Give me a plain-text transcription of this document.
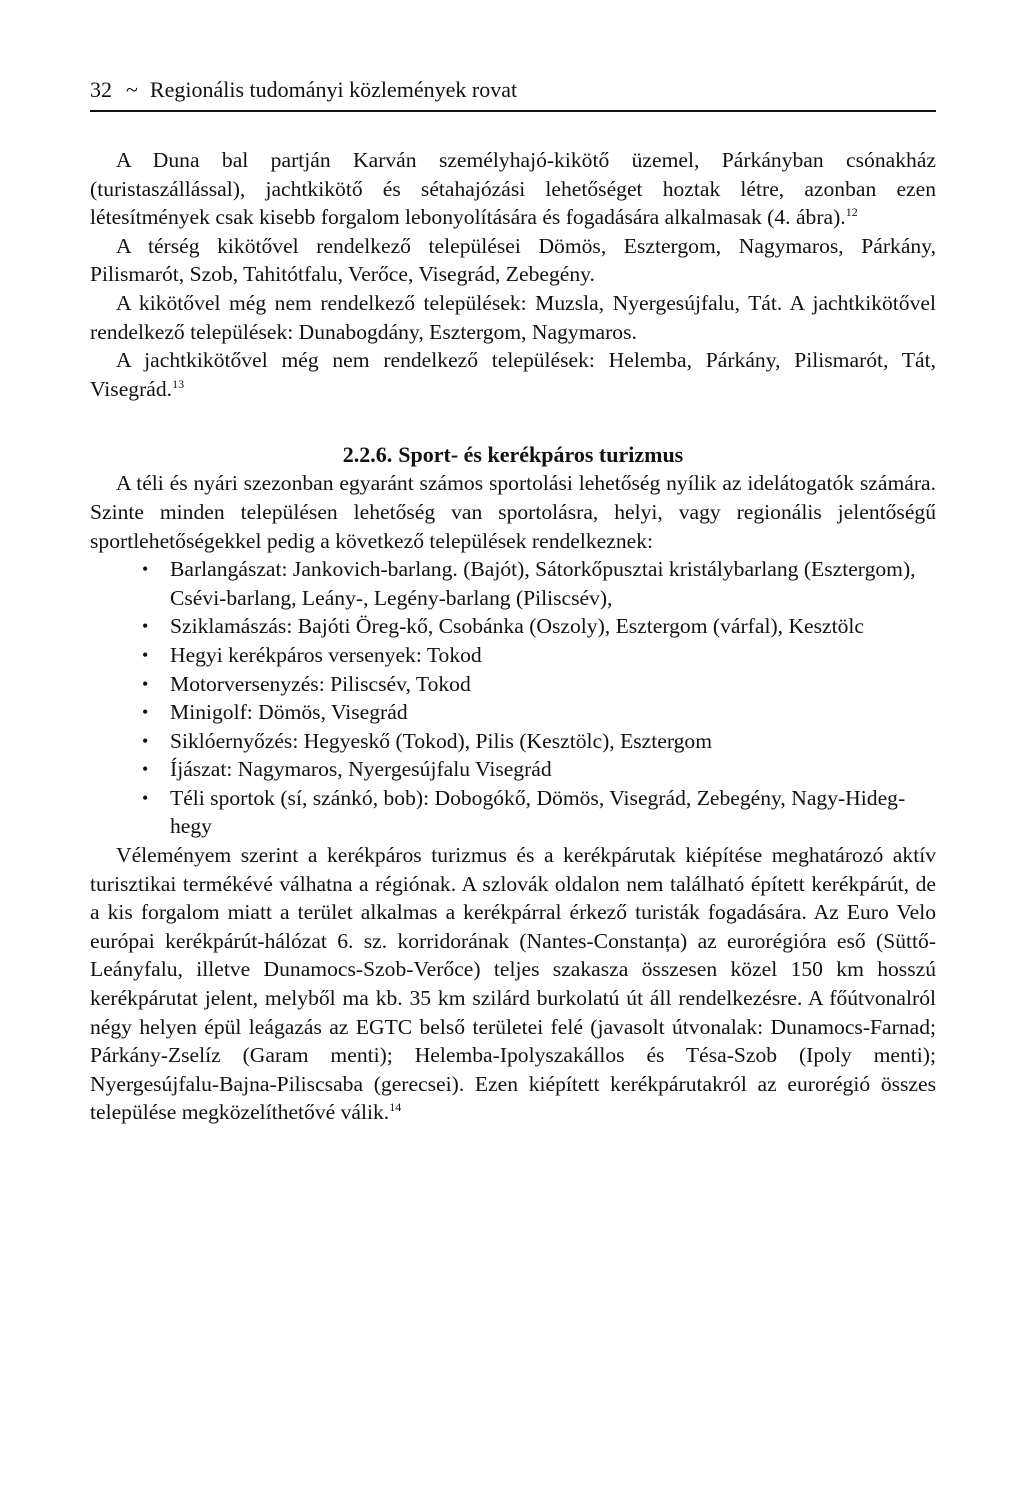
32 ~ Regionális tudományi közlemények rovat

A Duna bal partján Karván személyhajó-kikötő üzemel, Párkányban csónakház (turistaszállással), jachtkikötő és sétahajózási lehetőséget hoztak létre, azonban ezen létesítmények csak kisebb forgalom lebonyolítására és fogadására alkalmasak (4. ábra).$^{12}$

A térség kikötővel rendelkező települései Dömös, Esztergom, Nagymaros, Párkány, Pilismarót, Szob, Tahitótfalu, Verőce, Visegrád, Zebegény.

A kikötővel még nem rendelkező települések: Muzsla, Nyergesújfalu, Tát. A jachtkikötővel rendelkező települések: Dunabogdány, Esztergom, Nagymaros.

A jachtkikötővel még nem rendelkező települések: Helemba, Párkány, Pilismarót, Tát, Visegrád.$^{13}$

2.2.6. Sport- és kerékpáros turizmus

A téli és nyári szezonban egyaránt számos sportolási lehetőség nyílik az idelátogatók számára. Szinte minden településen lehetőség van sportolásra, helyi, vagy regionális jelentőségű sportlehetőségekkel pedig a következő települések rendelkeznek:

• Barlangászat: Jankovich-barlang. (Bajót), Sátorkőpusztai kristálybarlang (Esztergom), Csévi-barlang, Leány-, Legény-barlang (Piliscsév),
• Sziklamászás: Bajóti Öreg-kő, Csobánka (Oszoly), Esztergom (várfal), Kesztölc
• Hegyi kerékpáros versenyek: Tokod
• Motorversenyzés: Piliscsév, Tokod
• Minigolf: Dömös, Visegrád
• Siklóernyőzés: Hegyeskő (Tokod), Pilis (Kesztölc), Esztergom
• Íjászat: Nagymaros, Nyergesújfalu Visegrád
• Téli sportok (sí, szánkó, bob): Dobogókő, Dömös, Visegrád, Zebegény, Nagy-Hideg-hegy

Véleményem szerint a kerékpáros turizmus és a kerékpárutak kiépítése meghatározó aktív turisztikai termékévé válhatna a régiónak. A szlovák oldalon nem található épített kerékpárút, de a kis forgalom miatt a terület alkalmas a kerékpárral érkező turisták fogadására. Az Euro Velo európai kerékpárút-hálózat 6. sz. korridorának (Nantes-Constanța) az eurorégióra eső (Süttő-Leányfalu, illetve Dunamocs-Szob-Verőce) teljes szakasza összesen közel 150 km hosszú kerékpárutat jelent, melyből ma kb. 35 km szilárd burkolatú út áll rendelkezésre. A főútvonalról négy helyen épül leágazás az EGTC belső területei felé (javasolt útvonalak: Dunamocs-Farnad; Párkány-Zselíz (Garam menti); Helemba-Ipolyszakállos és Tésa-Szob (Ipoly menti); Nyergesújfalu-Bajna-Piliscsaba (gerecsei). Ezen kiépített kerékpárutakról az eurorégió összes települése megközelíthetővé válik.$^{14}$
